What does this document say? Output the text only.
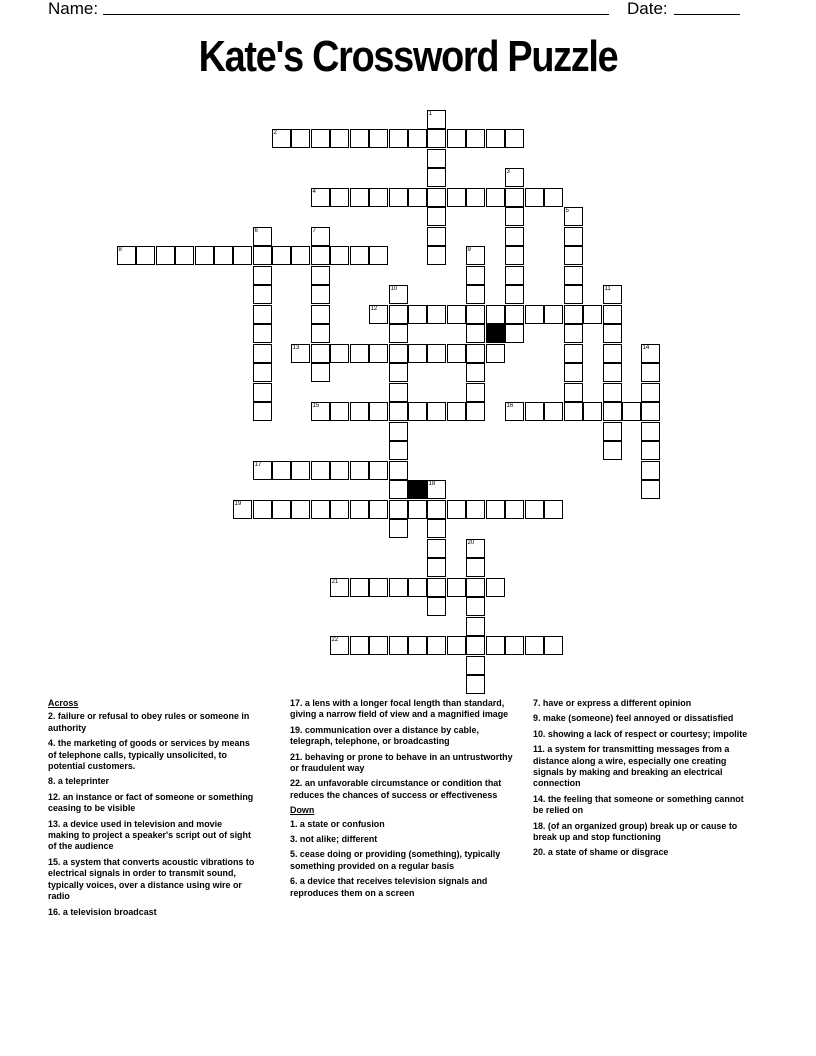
Name:	Date:
Kate's Crossword Puzzle
1
2
3
4
5
6	7
8	9
10	11
12
13	14
15	16
17
18
19
20
21
22
Across
2. failure or refusal to obey rules or someone in authority
4. the marketing of goods or services by means of telephone calls, typically unsolicited, to potential customers.
8. a teleprinter
12. an instance or fact of someone or something ceasing to be visible
13. a device used in television and movie making to project a speaker's script out of sight of the audience
15. a system that converts acoustic vibrations to electrical signals in order to transmit sound, typically voices, over a distance using wire or radio
16. a television broadcast
17. a lens with a longer focal length than standard, giving a narrow field of view and a magnified image
19. communication over a distance by cable, telegraph, telephone, or broadcasting
21. behaving or prone to behave in an untrustworthy or fraudulent way
22. an unfavorable circumstance or condition that reduces the chances of success or effectiveness
Down
1. a state or confusion
3. not alike; different
5. cease doing or providing (something), typically something provided on a regular basis
6. a device that receives television signals and reproduces them on a screen
7. have or express a different opinion
9. make (someone) feel annoyed or dissatisfied
10. showing a lack of respect or courtesy; impolite
11. a system for transmitting messages from a distance along a wire, especially one creating signals by making and breaking an electrical connection
14. the feeling that someone or something cannot be relied on
18. (of an organized group) break up or cause to break up and stop functioning
20. a state of shame or disgrace
